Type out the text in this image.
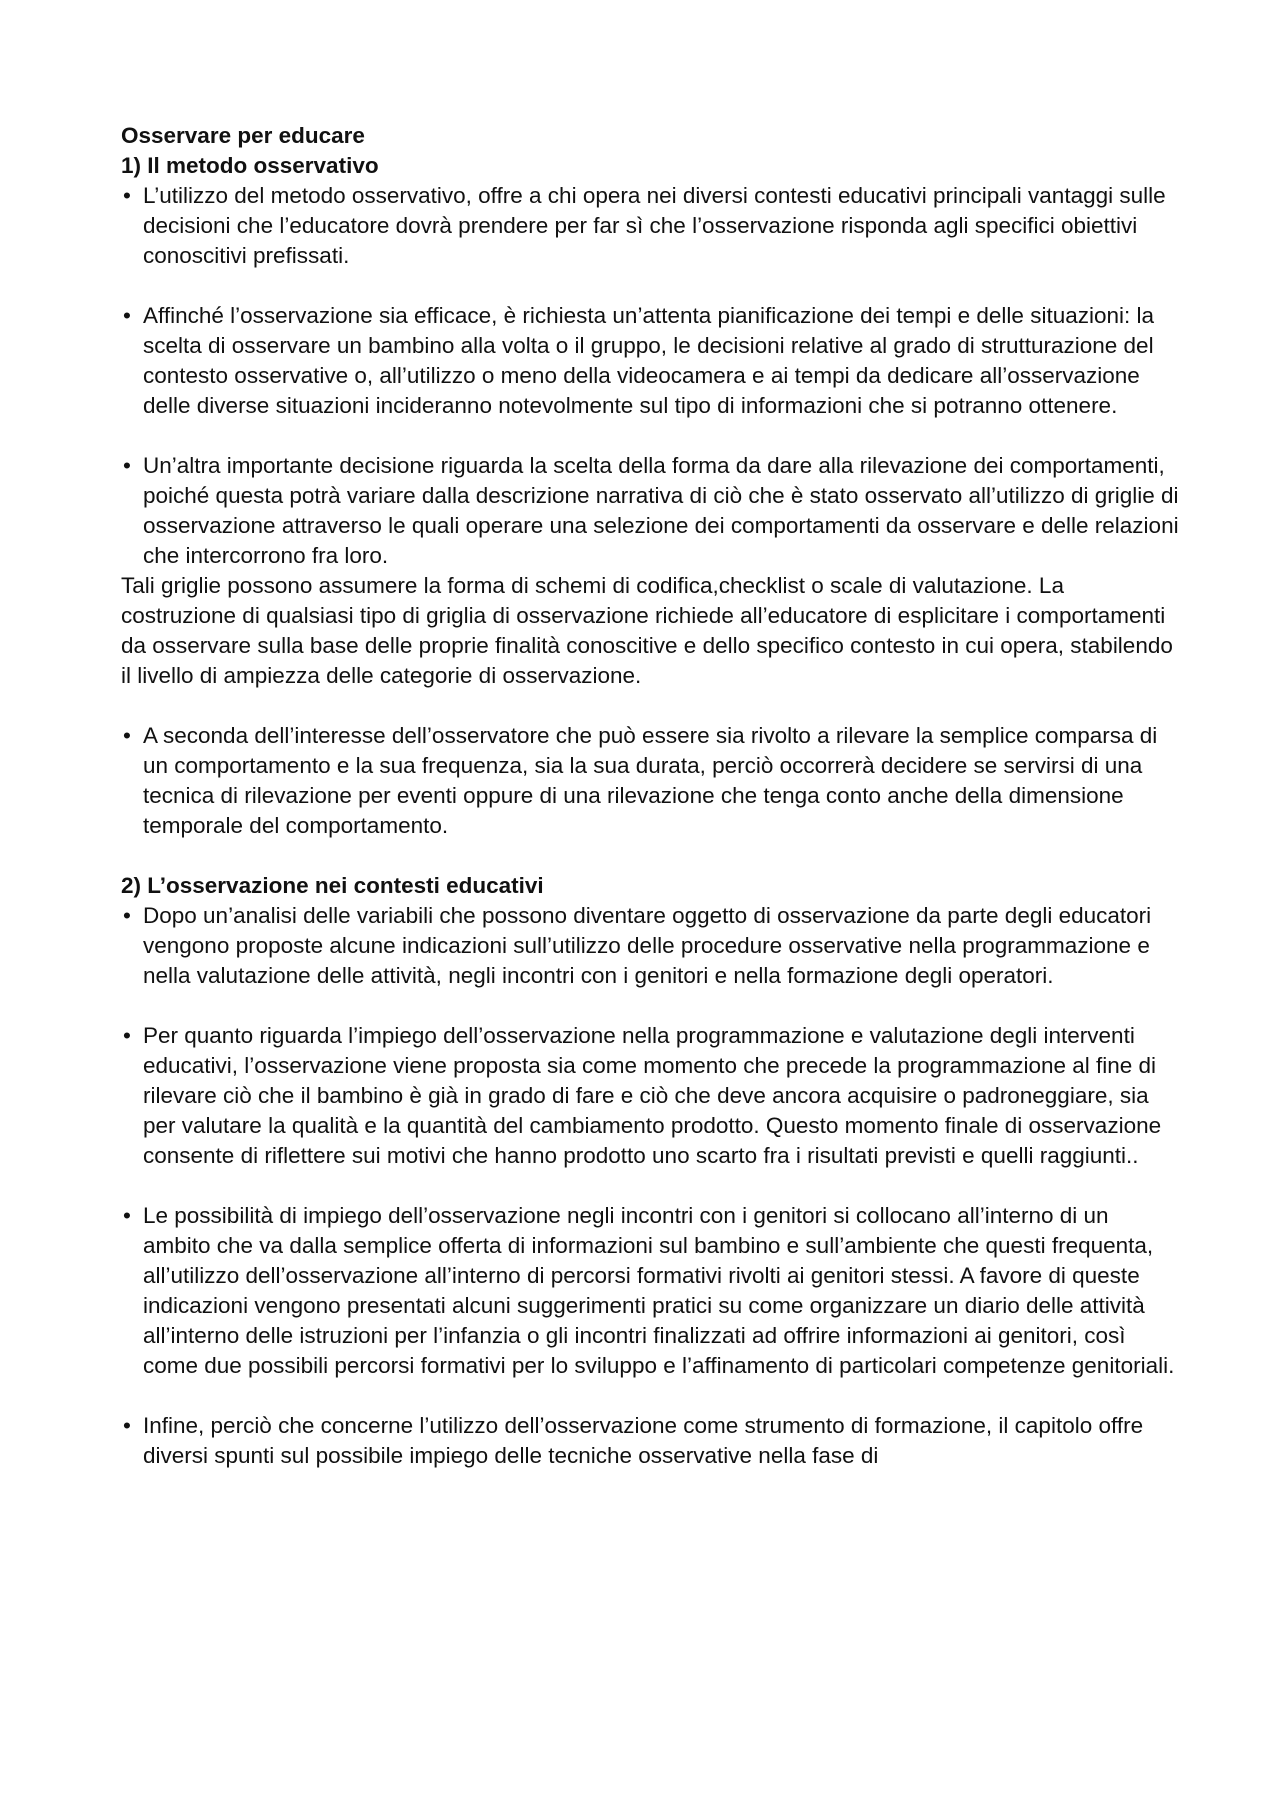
Osservare per educare

1) Il metodo osservativo

• L’utilizzo del metodo osservativo, offre a chi opera nei diversi contesti educativi principali vantaggi sulle decisioni che l’educatore dovrà prendere per far sì che l’osservazione risponda agli specifici obiettivi conoscitivi prefissati.
• Affinché l’osservazione sia efficace, è richiesta un’attenta pianificazione dei tempi e delle situazioni: la scelta di osservare un bambino alla volta o il gruppo, le decisioni relative al grado di strutturazione del contesto osservative o, all’utilizzo o meno della videocamera e ai tempi da dedicare all’osservazione delle diverse situazioni incideranno notevolmente sul tipo di informazioni che si potranno ottenere.
• Un’altra importante decisione riguarda la scelta della forma da dare alla rilevazione dei comportamenti, poiché questa potrà variare dalla descrizione narrativa di ciò che è stato osservato all’utilizzo di griglie di osservazione attraverso le quali operare una selezione dei comportamenti da osservare e delle relazioni che intercorrono fra loro.

Tali griglie possono assumere la forma di schemi di codifica,checklist o scale di valutazione. La costruzione di qualsiasi tipo di griglia di osservazione richiede all’educatore di esplicitare i comportamenti da osservare sulla base delle proprie finalità conoscitive e dello specifico contesto in cui opera, stabilendo il livello di ampiezza delle categorie di osservazione.

• A seconda dell’interesse dell’osservatore che può essere sia rivolto a rilevare la semplice comparsa di un comportamento e la sua frequenza, sia la sua durata, perciò occorrerà decidere se servirsi di una tecnica di rilevazione per eventi oppure di una rilevazione che tenga conto anche della dimensione temporale del comportamento.

2) L’osservazione nei contesti educativi

• Dopo un’analisi delle variabili che possono diventare oggetto di osservazione da parte degli educatori vengono proposte alcune indicazioni sull’utilizzo delle procedure osservative nella programmazione e nella valutazione delle attività, negli incontri con i genitori e nella formazione degli operatori.
• Per quanto riguarda l’impiego dell’osservazione nella programmazione e valutazione degli interventi educativi, l’osservazione viene proposta sia come momento che precede la programmazione al fine di rilevare ciò che il bambino è già in grado di fare e ciò che deve ancora acquisire o padroneggiare, sia per valutare la qualità e la quantità del cambiamento prodotto. Questo momento finale di osservazione consente di riflettere sui motivi che hanno prodotto uno scarto fra i risultati previsti e quelli raggiunti..
• Le possibilità di impiego dell’osservazione negli incontri con i genitori si collocano all’interno di un ambito che va dalla semplice offerta di informazioni sul bambino e sull’ambiente che questi frequenta, all’utilizzo dell’osservazione all’interno di percorsi formativi rivolti ai genitori stessi. A favore di queste indicazioni vengono presentati alcuni suggerimenti pratici su come organizzare un diario delle attività all’interno delle istruzioni per l’infanzia o gli incontri finalizzati ad offrire informazioni ai genitori, così come due possibili percorsi formativi per lo sviluppo e l’affinamento di particolari competenze genitoriali.
• Infine, perciò che concerne l’utilizzo dell’osservazione come strumento di formazione, il capitolo offre diversi spunti sul possibile impiego delle tecniche osservative nella fase di
